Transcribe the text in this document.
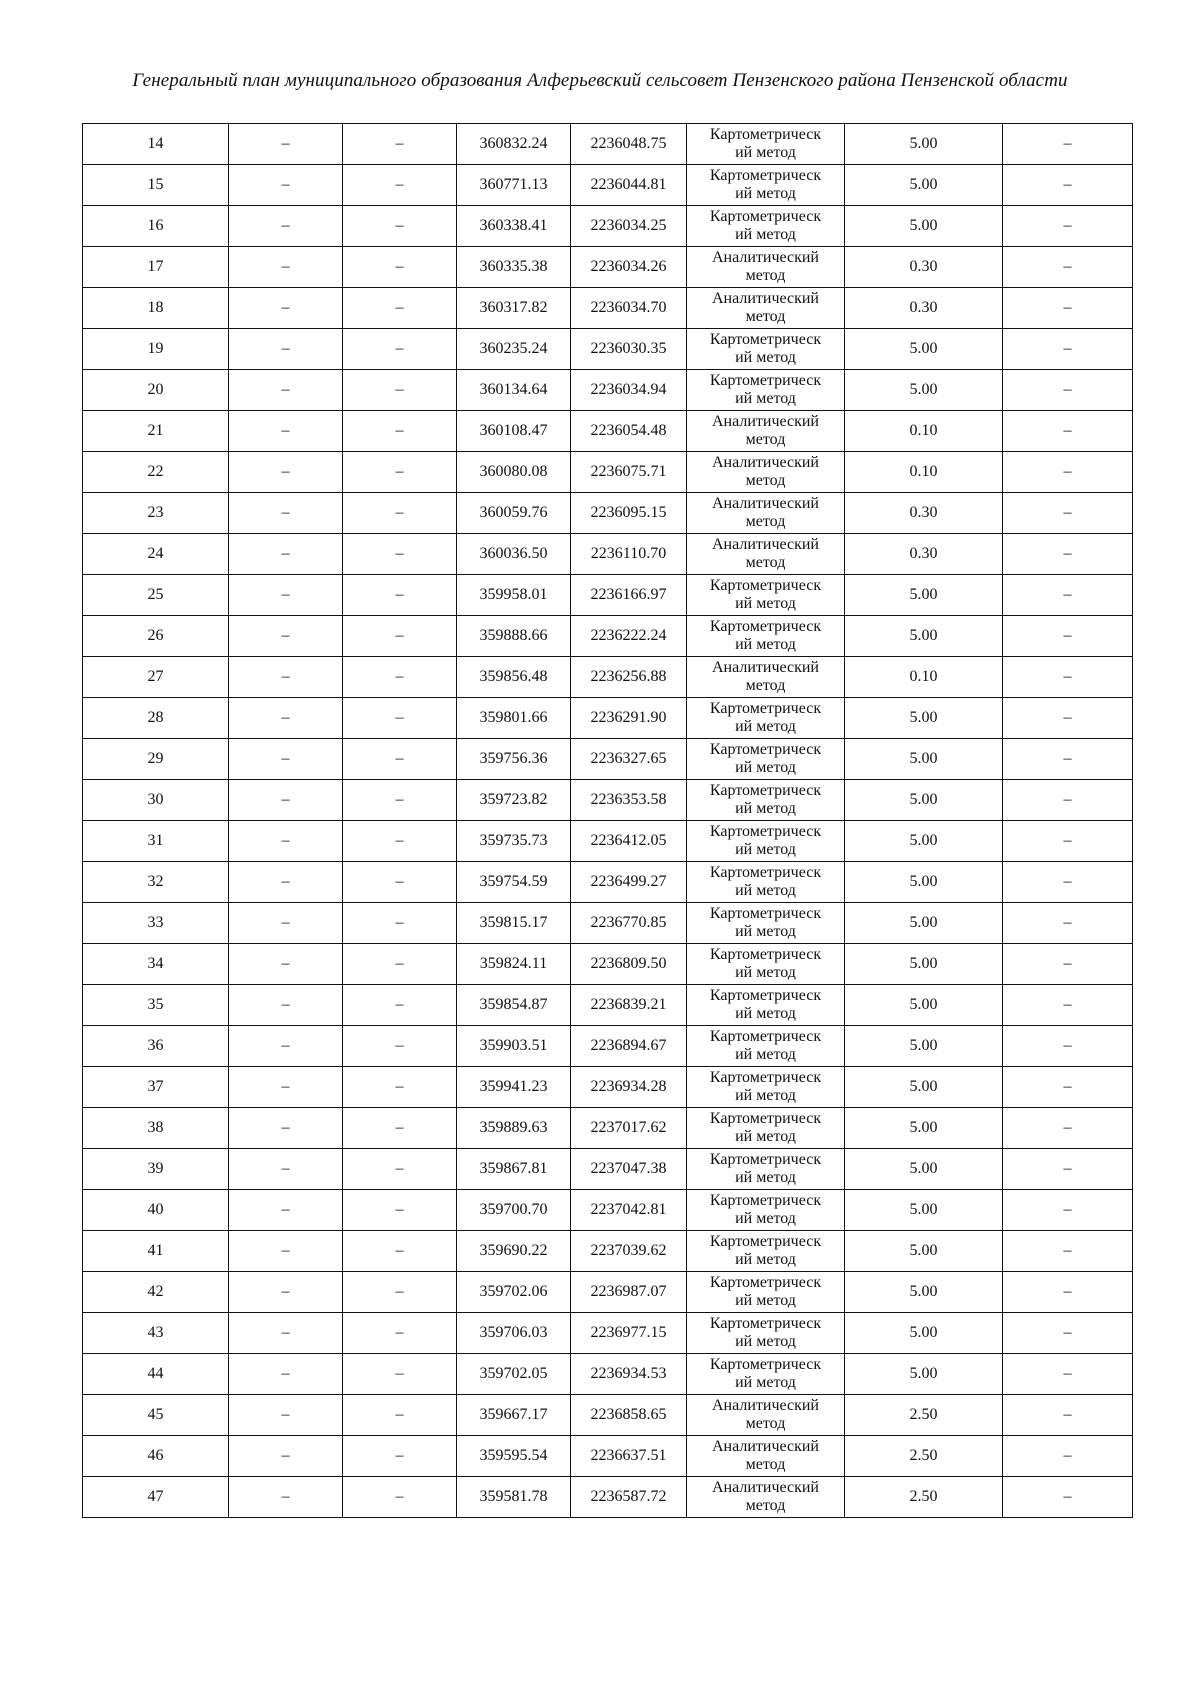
Генеральный план муниципального образования Алферьевский сельсовет Пензенского района Пензенской области
14	–	–	360832.24	2236048.75	Картометрическ
ий метод	5.00	–
15	–	–	360771.13	2236044.81	Картометрическ
ий метод	5.00	–
16	–	–	360338.41	2236034.25	Картометрическ
ий метод	5.00	–
17	–	–	360335.38	2236034.26	Аналитический
метод	0.30	–
18	–	–	360317.82	2236034.70	Аналитический
метод	0.30	–
19	–	–	360235.24	2236030.35	Картометрическ
ий метод	5.00	–
20	–	–	360134.64	2236034.94	Картометрическ
ий метод	5.00	–
21	–	–	360108.47	2236054.48	Аналитический
метод	0.10	–
22	–	–	360080.08	2236075.71	Аналитический
метод	0.10	–
23	–	–	360059.76	2236095.15	Аналитический
метод	0.30	–
24	–	–	360036.50	2236110.70	Аналитический
метод	0.30	–
25	–	–	359958.01	2236166.97	Картометрическ
ий метод	5.00	–
26	–	–	359888.66	2236222.24	Картометрическ
ий метод	5.00	–
27	–	–	359856.48	2236256.88	Аналитический
метод	0.10	–
28	–	–	359801.66	2236291.90	Картометрическ
ий метод	5.00	–
29	–	–	359756.36	2236327.65	Картометрическ
ий метод	5.00	–
30	–	–	359723.82	2236353.58	Картометрическ
ий метод	5.00	–
31	–	–	359735.73	2236412.05	Картометрическ
ий метод	5.00	–
32	–	–	359754.59	2236499.27	Картометрическ
ий метод	5.00	–
33	–	–	359815.17	2236770.85	Картометрическ
ий метод	5.00	–
34	–	–	359824.11	2236809.50	Картометрическ
ий метод	5.00	–
35	–	–	359854.87	2236839.21	Картометрическ
ий метод	5.00	–
36	–	–	359903.51	2236894.67	Картометрическ
ий метод	5.00	–
37	–	–	359941.23	2236934.28	Картометрическ
ий метод	5.00	–
38	–	–	359889.63	2237017.62	Картометрическ
ий метод	5.00	–
39	–	–	359867.81	2237047.38	Картометрическ
ий метод	5.00	–
40	–	–	359700.70	2237042.81	Картометрическ
ий метод	5.00	–
41	–	–	359690.22	2237039.62	Картометрическ
ий метод	5.00	–
42	–	–	359702.06	2236987.07	Картометрическ
ий метод	5.00	–
43	–	–	359706.03	2236977.15	Картометрическ
ий метод	5.00	–
44	–	–	359702.05	2236934.53	Картометрическ
ий метод	5.00	–
45	–	–	359667.17	2236858.65	Аналитический
метод	2.50	–
46	–	–	359595.54	2236637.51	Аналитический
метод	2.50	–
47	–	–	359581.78	2236587.72	Аналитический
метод	2.50	–
